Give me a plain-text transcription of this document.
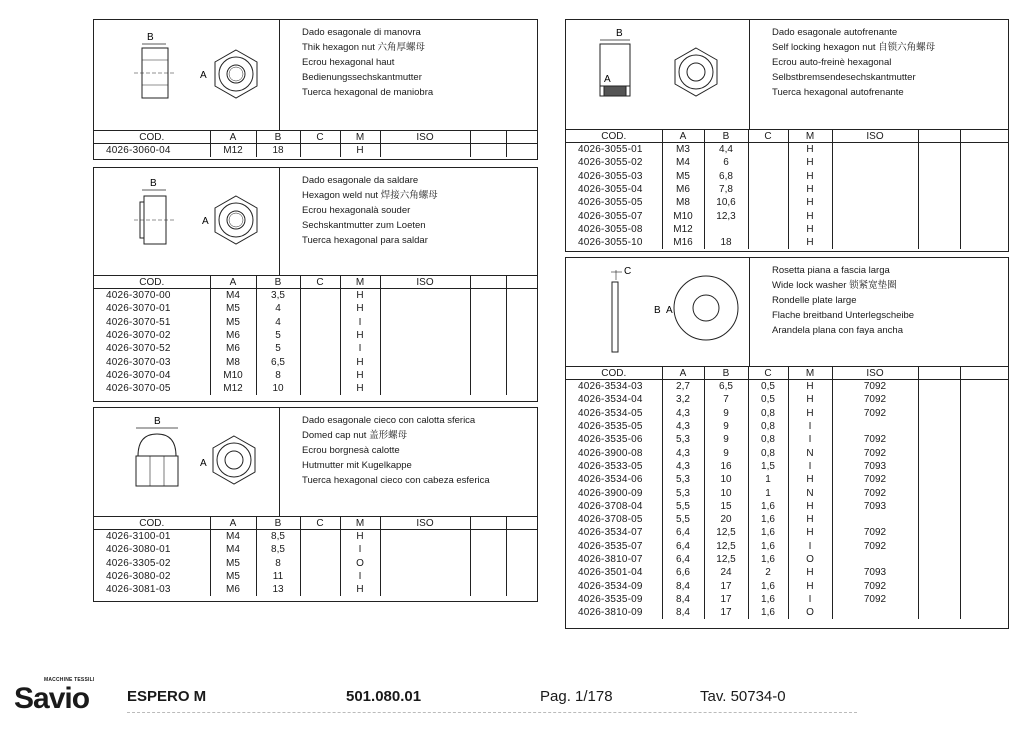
B
A
Dado esagonale di manovra
Thik hexagon nut 六角厚螺母
Ecrou hexagonal haut
Bedienungssechskantmutter
Tuerca hexagonal de maniobra
COD.	A	B	C	M	ISO		
4026-3060-04	M12	18		H			
B
A
Dado esagonale da saldare
Hexagon weld nut 焊接六角螺母
Ecrou hexagonalà souder
Sechskantmutter zum Loeten
Tuerca hexagonal para saldar
COD.	A	B	C	M	ISO		
4026-3070-00	M4	3,5		H			
4026-3070-01	M5	4		H			
4026-3070-51	M5	4		I			
4026-3070-02	M6	5		H			
4026-3070-52	M6	5		I			
4026-3070-03	M8	6,5		H			
4026-3070-04	M10	8		H			
4026-3070-05	M12	10		H			
B
A
Dado esagonale cieco con calotta sferica
Domed cap nut 盖形螺母
Ecrou borgnesà calotte
Hutmutter mit Kugelkappe
Tuerca hexagonal cieco con cabeza esferica
COD.	A	B	C	M	ISO		
4026-3100-01	M4	8,5		H			
4026-3080-01	M4	8,5		I			
4026-3305-02	M5	8		O			
4026-3080-02	M5	11		I			
4026-3081-03	M6	13		H			
B
A
Dado esagonale autofrenante
Self locking hexagon nut 自锁六角螺母
Ecrou auto-freinè hexagonal
Selbstbremsendesechskantmutter
Tuerca hexagonal autofrenante
COD.	A	B	C	M	ISO		
4026-3055-01	M3	4,4		H			
4026-3055-02	M4	6		H			
4026-3055-03	M5	6,8		H			
4026-3055-04	M6	7,8		H			
4026-3055-05	M8	10,6		H			
4026-3055-07	M10	12,3		H			
4026-3055-08	M12			H			
4026-3055-10	M16	18		H			
C
B A
Rosetta piana a fascia larga
Wide lock washer 锁紧宽垫圈
Rondelle plate large
Flache breitband Unterlegscheibe
Arandela plana con faya ancha
COD.	A	B	C	M	ISO		
4026-3534-03	2,7	6,5	0,5	H	7092		
4026-3534-04	3,2	7	0,5	H	7092		
4026-3534-05	4,3	9	0,8	H	7092		
4026-3535-05	4,3	9	0,8	I			
4026-3535-06	5,3	9	0,8	I	7092		
4026-3900-08	4,3	9	0,8	N	7092		
4026-3533-05	4,3	16	1,5	I	7093		
4026-3534-06	5,3	10	1	H	7092		
4026-3900-09	5,3	10	1	N	7092		
4026-3708-04	5,5	15	1,6	H	7093		
4026-3708-05	5,5	20	1,6	H			
4026-3534-07	6,4	12,5	1,6	H	7092		
4026-3535-07	6,4	12,5	1,6	I	7092		
4026-3810-07	6,4	12,5	1,6	O			
4026-3501-04	6,6	24	2	H	7093		
4026-3534-09	8,4	17	1,6	H	7092		
4026-3535-09	8,4	17	1,6	I	7092		
4026-3810-09	8,4	17	1,6	O			
MACCHINE TESSILI
Savio	ESPERO M	501.080.01	Pag. 1/178	Tav. 50734-0
